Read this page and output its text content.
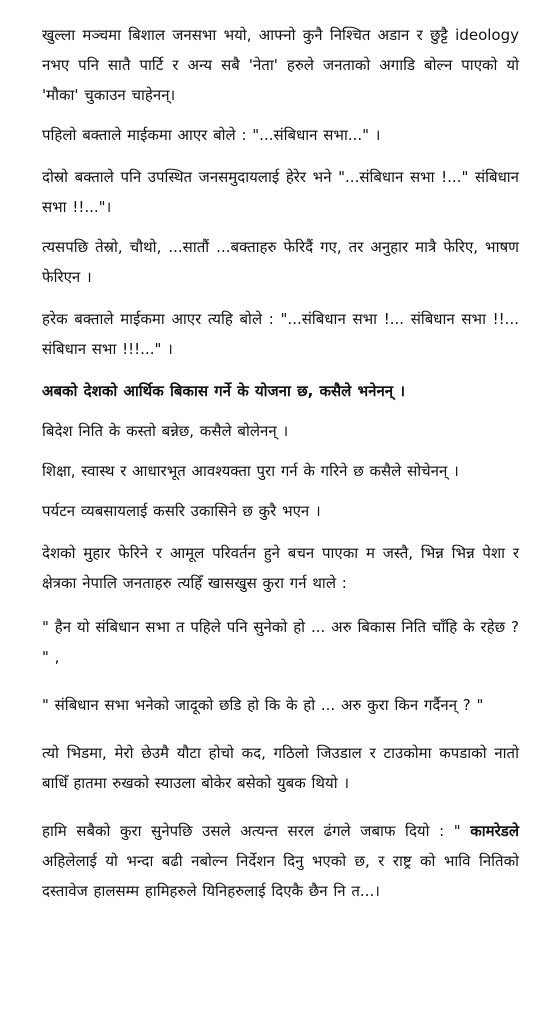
खुल्ला मञ्चमा बिशाल जनसभा भयो, आफ्नो कुनै निश्चित अडान र छुट्टै ideology नभए पनि सातै पार्टि र अन्य सबै 'नेता' हरुले जनताको अगाडि बोल्न पाएको यो 'मौका' चुकाउन चाहेनन्।

पहिलो बक्ताले माईकमा आएर बोले : "...संबिधान सभा..." ।

दोस्रो बक्ताले पनि उपस्थित जनसमुदायलाई हेरेर भने "...संबिधान सभा !..." संबिधान सभा !!..."।

त्यसपछि तेस्रो, चौथो, ...सातौं ...बक्ताहरु फेरिदैं गए, तर अनुहार मात्रै फेरिए, भाषण फेरिएन ।

हरेक बक्ताले माईकमा आएर त्यहि बोले : "...संबिधान सभा !... संबिधान सभा !!... संबिधान सभा !!!..." ।

अबको देशको आर्थिक बिकास गर्ने के योजना छ, कसैले भनेनन् ।

बिदेश निति के कस्तो बन्नेछ, कसैले बोलेनन् ।

शिक्षा, स्वास्थ र आधारभूत आवश्यक्ता पुरा गर्न के गरिने छ कसैले सोचेनन् ।

पर्यटन व्यबसायलाई कसरि उकासिने छ कुरै भएन ।

देशको मुहार फेरिने र आमूल परिवर्तन हुने बचन पाएका म जस्तै, भिन्न भिन्न पेशा र क्षेत्रका नेपालि जनताहरु त्यहिँ खासखुस कुरा गर्न थाले :

" हैन यो संबिधान सभा त पहिले पनि सुनेको हो ... अरु बिकास निति चाँहि के रहेछ ? " ,

" संबिधान सभा भनेको जादूको छडि हो कि के हो ... अरु कुरा किन गर्दैनन् ? "

त्यो भिडमा, मेरो छेउमै यौटा होचो कद, गठिलो जिउडाल र टाउकोमा कपडाको नातो बाधिँ हातमा रुखको स्याउला बोकेर बसेको युबक थियो ।

हामि सबैको कुरा सुनेपछि उसले अत्यन्त सरल ढंगले जबाफ दियो : " कामरेडले अहिलेलाई यो भन्दा बढी नबोल्न निर्देशन दिनु भएको छ, र राष्ट्र को भावि नितिको दस्तावेज हालसम्म हामिहरुले यिनिहरुलाई दिएकै छैन नि त...।
